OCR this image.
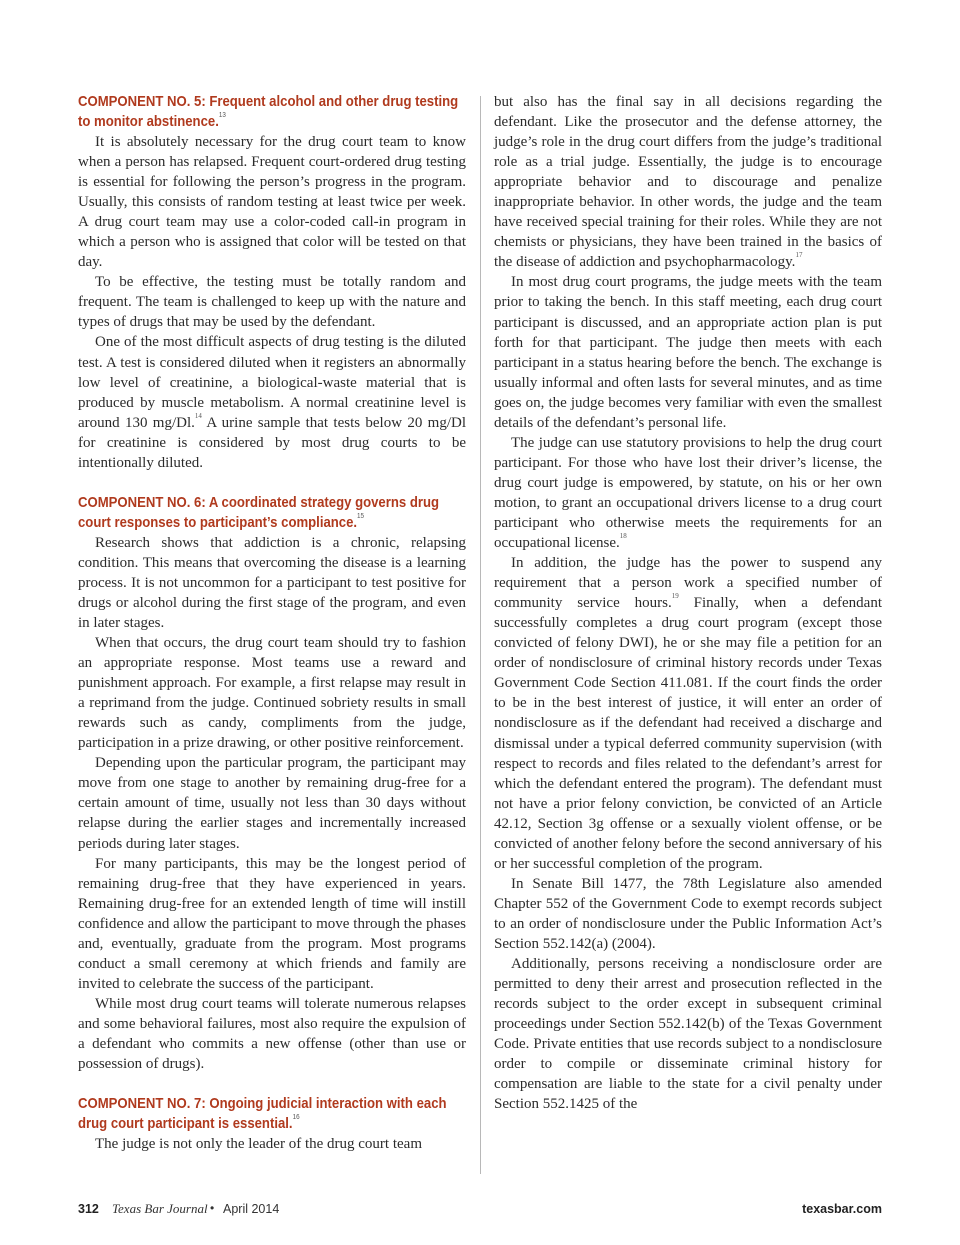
COMPONENT NO. 5: Frequent alcohol and other drug testing to monitor abstinence.$^{13}$

It is absolutely necessary for the drug court team to know when a person has relapsed. Frequent court-ordered drug testing is essential for following the person’s progress in the program. Usually, this consists of random testing at least twice per week. A drug court team may use a color-coded call-in program in which a person who is assigned that color will be tested on that day.

To be effective, the testing must be totally random and frequent. The team is challenged to keep up with the nature and types of drugs that may be used by the defendant.

One of the most difficult aspects of drug testing is the diluted test. A test is considered diluted when it registers an abnormally low level of creatinine, a biological-waste material that is produced by muscle metabolism. A normal creatinine level is around 130 mg/Dl.$^{14}$ A urine sample that tests below 20 mg/Dl for creatinine is considered by most drug courts to be intentionally diluted.

COMPONENT NO. 6: A coordinated strategy governs drug court responses to participant’s compliance.$^{15}$

Research shows that addiction is a chronic, relapsing condition. This means that overcoming the disease is a learning process. It is not uncommon for a participant to test positive for drugs or alcohol during the first stage of the program, and even in later stages.

When that occurs, the drug court team should try to fashion an appropriate response. Most teams use a reward and punishment approach. For example, a first relapse may result in a reprimand from the judge. Continued sobriety results in small rewards such as candy, compliments from the judge, participation in a prize drawing, or other positive reinforcement.

Depending upon the particular program, the participant may move from one stage to another by remaining drug-free for a certain amount of time, usually not less than 30 days without relapse during the earlier stages and incrementally increased periods during later stages.

For many participants, this may be the longest period of remaining drug-free that they have experienced in years. Remaining drug-free for an extended length of time will instill confidence and allow the participant to move through the phases and, eventually, graduate from the program. Most programs conduct a small ceremony at which friends and family are invited to celebrate the success of the participant.

While most drug court teams will tolerate numerous relapses and some behavioral failures, most also require the expulsion of a defendant who commits a new offense (other than use or possession of drugs).

COMPONENT NO. 7: Ongoing judicial interaction with each drug court participant is essential.$^{16}$

The judge is not only the leader of the drug court team

but also has the final say in all decisions regarding the defendant. Like the prosecutor and the defense attorney, the judge’s role in the drug court differs from the judge’s traditional role as a trial judge. Essentially, the judge is to encourage appropriate behavior and to discourage and penalize inappropriate behavior. In other words, the judge and the team have received special training for their roles. While they are not chemists or physicians, they have been trained in the basics of the disease of addiction and psychopharmacology.$^{17}$

In most drug court programs, the judge meets with the team prior to taking the bench. In this staff meeting, each drug court participant is discussed, and an appropriate action plan is put forth for that participant. The judge then meets with each participant in a status hearing before the bench. The exchange is usually informal and often lasts for several minutes, and as time goes on, the judge becomes very familiar with even the smallest details of the defendant’s personal life.

The judge can use statutory provisions to help the drug court participant. For those who have lost their driver’s license, the drug court judge is empowered, by statute, on his or her own motion, to grant an occupational drivers license to a drug court participant who otherwise meets the requirements for an occupational license.$^{18}$

In addition, the judge has the power to suspend any requirement that a person work a specified number of community service hours.$^{19}$ Finally, when a defendant successfully completes a drug court program (except those convicted of felony DWI), he or she may file a petition for an order of nondisclosure of criminal history records under Texas Government Code Section 411.081. If the court finds the order to be in the best interest of justice, it will enter an order of nondisclosure as if the defendant had received a discharge and dismissal under a typical deferred community supervision (with respect to records and files related to the defendant’s arrest for which the defendant entered the program). The defendant must not have a prior felony conviction, be convicted of an Article 42.12, Section 3g offense or a sexually violent offense, or be convicted of another felony before the second anniversary of his or her successful completion of the program.

In Senate Bill 1477, the 78th Legislature also amended Chapter 552 of the Government Code to exempt records subject to an order of nondisclosure under the Public Information Act’s Section 552.142(a) (2004).

Additionally, persons receiving a nondisclosure order are permitted to deny their arrest and prosecution reflected in the records subject to the order except in subsequent criminal proceedings under Section 552.142(b) of the Texas Government Code. Private entities that use records subject to a nondisclosure order to compile or disseminate criminal history for compensation are liable to the state for a civil penalty under Section 552.1425 of the

312 Texas Bar Journal • April 2014	texasbar.com
